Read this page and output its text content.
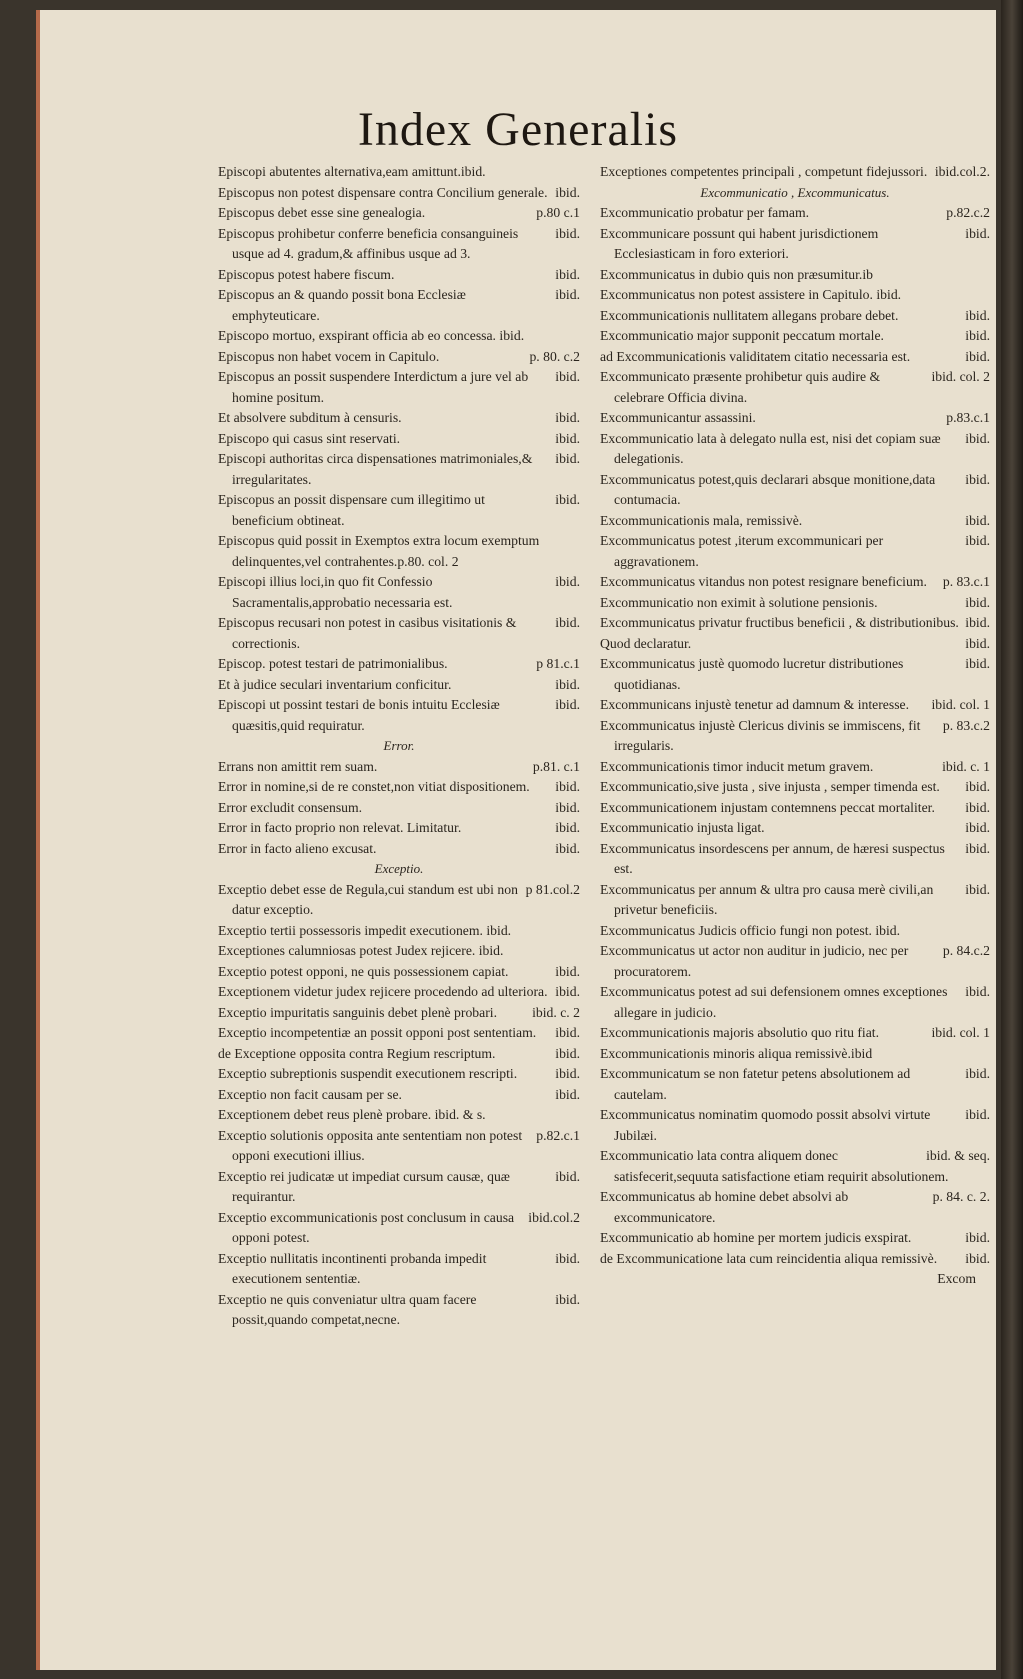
Index Generalis
Episcopi abutentes alternativa,eam amittunt.ibid.
ibid.
Episcopus non potest dispensare contra Concilium generale.
p.80 c.1
Episcopus debet esse sine genealogia.
ibid.
Episcopus prohibetur conferre beneficia consanguineis usque ad 4. gradum,& affinibus usque ad 3.
ibid.
Episcopus potest habere fiscum.
ibid.
Episcopus an & quando possit bona Ecclesiæ emphyteuticare.
Episcopo mortuo, exspirant officia ab eo concessa. ibid.
p. 80. c.2
Episcopus non habet vocem in Capitulo.
ibid.
Episcopus an possit suspendere Interdictum a jure vel ab homine positum.
ibid.
Et absolvere subditum à censuris.
ibid.
Episcopo qui casus sint reservati.
ibid.
Episcopi authoritas circa dispensationes matrimoniales,& irregularitates.
ibid.
Episcopus an possit dispensare cum illegitimo ut beneficium obtineat.
Episcopus quid possit in Exemptos extra locum exemptum delinquentes,vel contrahentes.p.80. col. 2
ibid.
Episcopi illius loci,in quo fit Confessio Sacramentalis,approbatio necessaria est.
ibid.
Episcopus recusari non potest in casibus visitationis & correctionis.
p 81.c.1
Episcop. potest testari de patrimonialibus.
ibid.
Et à judice seculari inventarium conficitur.
ibid.
Episcopi ut possint testari de bonis intuitu Ecclesiæ quæsitis,quid requiratur.
Error.
p.81. c.1
Errans non amittit rem suam.
ibid.
Error in nomine,si de re constet,non vitiat dispositionem.
ibid.
Error excludit consensum.
ibid.
Error in facto proprio non relevat. Limitatur.
ibid.
Error in facto alieno excusat.
Exceptio.
p 81.col.2
Exceptio debet esse de Regula,cui standum est ubi non datur exceptio.
Exceptio tertii possessoris impedit executionem. ibid.
Exceptiones calumniosas potest Judex rejicere. ibid.
ibid.
Exceptio potest opponi, ne quis possessionem capiat.
ibid.
Exceptionem videtur judex rejicere procedendo ad ulteriora.
ibid. c. 2
Exceptio impuritatis sanguinis debet plenè probari.
ibid.
Exceptio incompetentiæ an possit opponi post sententiam.
ibid.
de Exceptione opposita contra Regium rescriptum.
ibid.
Exceptio subreptionis suspendit executionem rescripti.
ibid.
Exceptio non facit causam per se.
Exceptionem debet reus plenè probare. ibid. & s.
p.82.c.1
Exceptio solutionis opposita ante sententiam non potest opponi executioni illius.
ibid.
Exceptio rei judicatæ ut impediat cursum causæ, quæ requirantur.
ibid.col.2
Exceptio excommunicationis post conclusum in causa opponi potest.
ibid.
Exceptio nullitatis incontinenti probanda impedit executionem sententiæ.
ibid.
Exceptio ne quis conveniatur ultra quam facere possit,quando competat,necne.
ibid.col.2.
Exceptiones competentes principali , competunt fidejussori.
Excommunicatio , Excommunicatus.
p.82.c.2
Excommunicatio probatur per famam.
ibid.
Excommunicare possunt qui habent jurisdictionem Ecclesiasticam in foro exteriori.
Excommunicatus in dubio quis non præsumitur.ib
Excommunicatus non potest assistere in Capitulo. ibid.
ibid.
Excommunicationis nullitatem allegans probare debet.
ibid.
Excommunicatio major supponit peccatum mortale.
ibid.
ad Excommunicationis validitatem citatio necessaria est.
ibid. col. 2
Excommunicato præsente prohibetur quis audire & celebrare Officia divina.
p.83.c.1
Excommunicantur assassini.
ibid.
Excommunicatio lata à delegato nulla est, nisi det copiam suæ delegationis.
ibid.
Excommunicatus potest,quis declarari absque monitione,data contumacia.
ibid.
Excommunicationis mala, remissivè.
ibid.
Excommunicatus potest ,iterum excommunicari per aggravationem.
p. 83.c.1
Excommunicatus vitandus non potest resignare beneficium.
ibid.
Excommunicatio non eximit à solutione pensionis.
ibid.
Excommunicatus privatur fructibus beneficii , & distributionibus.
ibid.
Quod declaratur.
ibid.
Excommunicatus justè quomodo lucretur distributiones quotidianas.
ibid. col. 1
Excommunicans injustè tenetur ad damnum & interesse.
p. 83.c.2
Excommunicatus injustè Clericus divinis se immiscens, fit irregularis.
ibid. c. 1
Excommunicationis timor inducit metum gravem.
ibid.
Excommunicatio,sive justa , sive injusta , semper timenda est.
ibid.
Excommunicationem injustam contemnens peccat mortaliter.
ibid.
Excommunicatio injusta ligat.
ibid.
Excommunicatus insordescens per annum, de hæresi suspectus est.
ibid.
Excommunicatus per annum & ultra pro causa merè civili,an privetur beneficiis.
Excommunicatus Judicis officio fungi non potest. ibid.
p. 84.c.2
Excommunicatus ut actor non auditur in judicio, nec per procuratorem.
ibid.
Excommunicatus potest ad sui defensionem omnes exceptiones allegare in judicio.
ibid. col. 1
Excommunicationis majoris absolutio quo ritu fiat.
Excommunicationis minoris aliqua remissivè.ibid
ibid.
Excommunicatum se non fatetur petens absolutionem ad cautelam.
ibid.
Excommunicatus nominatim quomodo possit absolvi virtute Jubilæi.
ibid. & seq.
Excommunicatio lata contra aliquem donec satisfecerit,sequuta satisfactione etiam requirit absolutionem.
p. 84. c. 2.
Excommunicatus ab homine debet absolvi ab excommunicatore.
ibid.
Excommunicatio ab homine per mortem judicis exspirat.
ibid.
de Excommunicatione lata cum reincidentia aliqua remissivè.
Excom
